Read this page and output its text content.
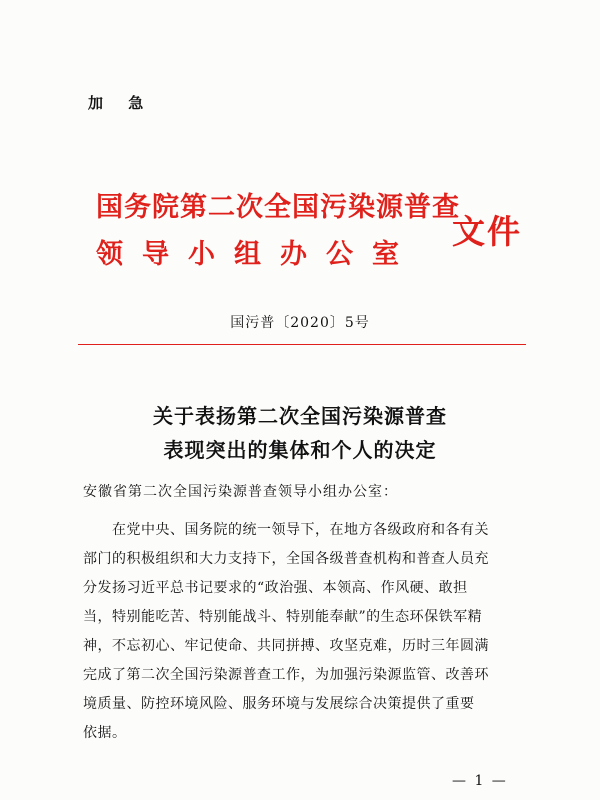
加 急
国务院第二次全国污染源普查
领导小组办公室
文件
国污普〔2020〕5号
关于表扬第二次全国污染源普查
表现突出的集体和个人的决定
安徽省第二次全国污染源普查领导小组办公室：
在党中央、国务院的统一领导下，在地方各级政府和各有关
部门的积极组织和大力支持下，全国各级普查机构和普查人员充
分发扬习近平总书记要求的“政治强、本领高、作风硬、敢担
当，特别能吃苦、特别能战斗、特别能奉献”的生态环保铁军精
神，不忘初心、牢记使命、共同拼搏、攻坚克难，历时三年圆满
完成了第二次全国污染源普查工作，为加强污染源监管、改善环
境质量、防控环境风险、服务环境与发展综合决策提供了重要
依据。
— 1 —
